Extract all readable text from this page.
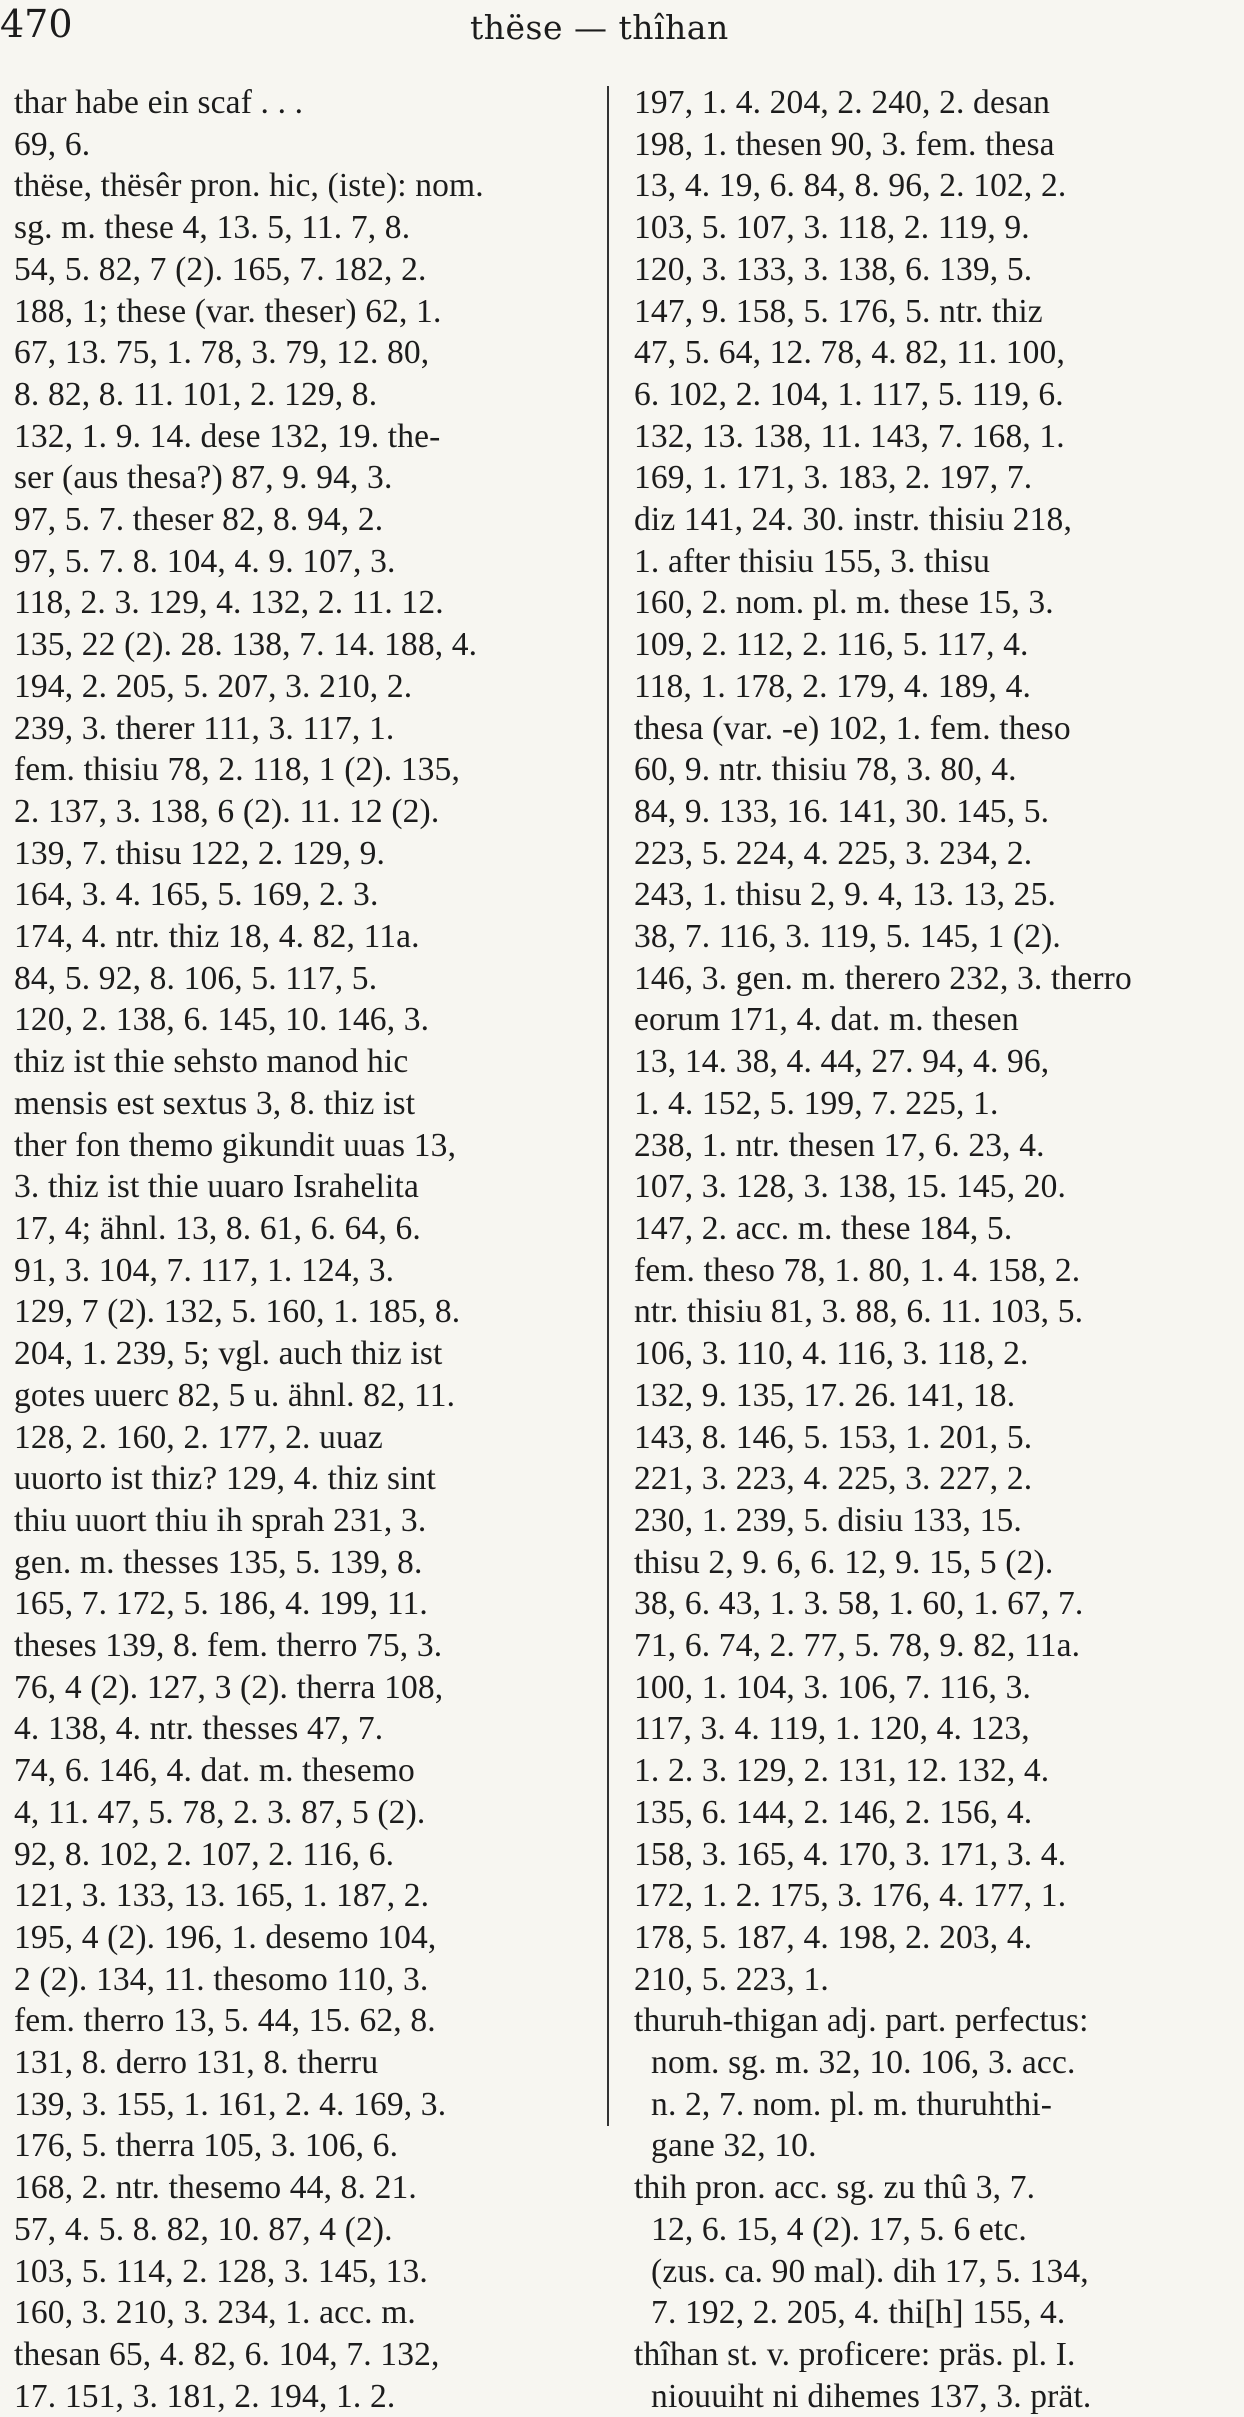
470	thëse — thîhan

thar habe ein scaf . . .
69, 6.
thëse, thësêr pron. hic, (iste): nom.
sg. m. these 4, 13. 5, 11. 7, 8.
54, 5. 82, 7 (2). 165, 7. 182, 2.
188, 1; these (var. theser) 62, 1.
67, 13. 75, 1. 78, 3. 79, 12. 80,
8. 82, 8. 11. 101, 2. 129, 8.
132, 1. 9. 14. dese 132, 19. the-
ser (aus thesa?) 87, 9. 94, 3.
97, 5. 7. theser 82, 8. 94, 2.
97, 5. 7. 8. 104, 4. 9. 107, 3.
118, 2. 3. 129, 4. 132, 2. 11. 12.
135, 22 (2). 28. 138, 7. 14. 188, 4.
194, 2. 205, 5. 207, 3. 210, 2.
239, 3. therer 111, 3. 117, 1.
fem. thisiu 78, 2. 118, 1 (2). 135,
2. 137, 3. 138, 6 (2). 11. 12 (2).
139, 7. thisu 122, 2. 129, 9.
164, 3. 4. 165, 5. 169, 2. 3.
174, 4. ntr. thiz 18, 4. 82, 11a.
84, 5. 92, 8. 106, 5. 117, 5.
120, 2. 138, 6. 145, 10. 146, 3.
thiz ist thie sehsto manod hic
mensis est sextus 3, 8. thiz ist
ther fon themo gikundit uuas 13,
3. thiz ist thie uuaro Israhelita
17, 4; ähnl. 13, 8. 61, 6. 64, 6.
91, 3. 104, 7. 117, 1. 124, 3.
129, 7 (2). 132, 5. 160, 1. 185, 8.
204, 1. 239, 5; vgl. auch thiz ist
gotes uuerc 82, 5 u. ähnl. 82, 11.
128, 2. 160, 2. 177, 2. uuaz
uuorto ist thiz? 129, 4. thiz sint
thiu uuort thiu ih sprah 231, 3.
gen. m. thesses 135, 5. 139, 8.
165, 7. 172, 5. 186, 4. 199, 11.
theses 139, 8. fem. therro 75, 3.
76, 4 (2). 127, 3 (2). therra 108,
4. 138, 4. ntr. thesses 47, 7.
74, 6. 146, 4. dat. m. thesemo
4, 11. 47, 5. 78, 2. 3. 87, 5 (2).
92, 8. 102, 2. 107, 2. 116, 6.
121, 3. 133, 13. 165, 1. 187, 2.
195, 4 (2). 196, 1. desemo 104,
2 (2). 134, 11. thesomo 110, 3.
fem. therro 13, 5. 44, 15. 62, 8.
131, 8. derro 131, 8. therru
139, 3. 155, 1. 161, 2. 4. 169, 3.
176, 5. therra 105, 3. 106, 6.
168, 2. ntr. thesemo 44, 8. 21.
57, 4. 5. 8. 82, 10. 87, 4 (2).
103, 5. 114, 2. 128, 3. 145, 13.
160, 3. 210, 3. 234, 1. acc. m.
thesan 65, 4. 82, 6. 104, 7. 132,
17. 151, 3. 181, 2. 194, 1. 2.

197, 1. 4. 204, 2. 240, 2. desan
198, 1. thesen 90, 3. fem. thesa
13, 4. 19, 6. 84, 8. 96, 2. 102, 2.
103, 5. 107, 3. 118, 2. 119, 9.
120, 3. 133, 3. 138, 6. 139, 5.
147, 9. 158, 5. 176, 5. ntr. thiz
47, 5. 64, 12. 78, 4. 82, 11. 100,
6. 102, 2. 104, 1. 117, 5. 119, 6.
132, 13. 138, 11. 143, 7. 168, 1.
169, 1. 171, 3. 183, 2. 197, 7.
diz 141, 24. 30. instr. thisiu 218,
1. after thisiu 155, 3. thisu
160, 2. nom. pl. m. these 15, 3.
109, 2. 112, 2. 116, 5. 117, 4.
118, 1. 178, 2. 179, 4. 189, 4.
thesa (var. -e) 102, 1. fem. theso
60, 9. ntr. thisiu 78, 3. 80, 4.
84, 9. 133, 16. 141, 30. 145, 5.
223, 5. 224, 4. 225, 3. 234, 2.
243, 1. thisu 2, 9. 4, 13. 13, 25.
38, 7. 116, 3. 119, 5. 145, 1 (2).
146, 3. gen. m. therero 232, 3. therro
eorum 171, 4. dat. m. thesen
13, 14. 38, 4. 44, 27. 94, 4. 96,
1. 4. 152, 5. 199, 7. 225, 1.
238, 1. ntr. thesen 17, 6. 23, 4.
107, 3. 128, 3. 138, 15. 145, 20.
147, 2. acc. m. these 184, 5.
fem. theso 78, 1. 80, 1. 4. 158, 2.
ntr. thisiu 81, 3. 88, 6. 11. 103, 5.
106, 3. 110, 4. 116, 3. 118, 2.
132, 9. 135, 17. 26. 141, 18.
143, 8. 146, 5. 153, 1. 201, 5.
221, 3. 223, 4. 225, 3. 227, 2.
230, 1. 239, 5. disiu 133, 15.
thisu 2, 9. 6, 6. 12, 9. 15, 5 (2).
38, 6. 43, 1. 3. 58, 1. 60, 1. 67, 7.
71, 6. 74, 2. 77, 5. 78, 9. 82, 11a.
100, 1. 104, 3. 106, 7. 116, 3.
117, 3. 4. 119, 1. 120, 4. 123,
1. 2. 3. 129, 2. 131, 12. 132, 4.
135, 6. 144, 2. 146, 2. 156, 4.
158, 3. 165, 4. 170, 3. 171, 3. 4.
172, 1. 2. 175, 3. 176, 4. 177, 1.
178, 5. 187, 4. 198, 2. 203, 4.
210, 5. 223, 1.
thuruh-thigan adj. part. perfectus:
nom. sg. m. 32, 10. 106, 3. acc.
n. 2, 7. nom. pl. m. thuruhthi-
gane 32, 10.
thih pron. acc. sg. zu thû 3, 7.
12, 6. 15, 4 (2). 17, 5. 6 etc.
(zus. ca. 90 mal). dih 17, 5. 134,
7. 192, 2. 205, 4. thi[h] 155, 4.
thîhan st. v. proficere: präs. pl. I.
niouuiht ni dihemes 137, 3. prät.
